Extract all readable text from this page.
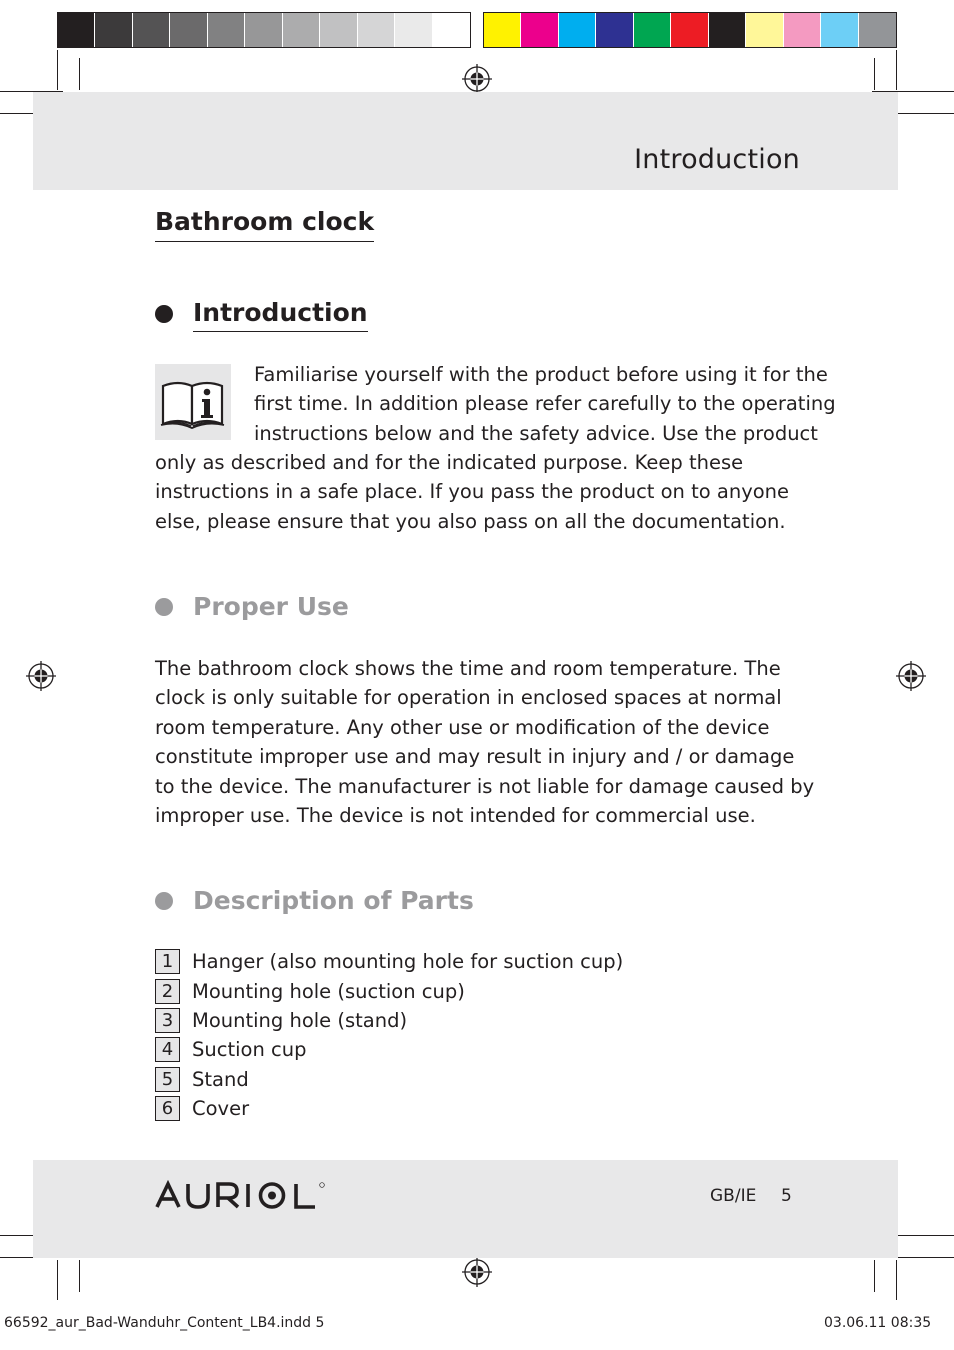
Introduction
Bathroom clock
Introduction
Familiarise yourself with the product before using it for the
first time. In addition please refer carefully to the operating
instructions below and the safety advice. Use the product
only as described and for the indicated purpose. Keep these instructions in a safe place. If you pass the product on to anyone else, please ensure that you also pass on all the documentation.
Proper Use
The bathroom clock shows the time and room temperature. The clock is only suitable for operation in enclosed spaces at normal room temperature. Any other use or modification of the device constitute improper use and may result in injury and / or damage to the device. The manufacturer is not liable for damage caused by improper use. The device is not intended for commercial use.
Description of Parts
1 Hanger (also mounting hole for suction cup)
2 Mounting hole (suction cup)
3 Mounting hole (stand)
4 Suction cup
5 Stand
6 Cover
GB/IE 5
66592_aur_Bad-Wanduhr_Content_LB4.indd 5	03.06.11 08:35
